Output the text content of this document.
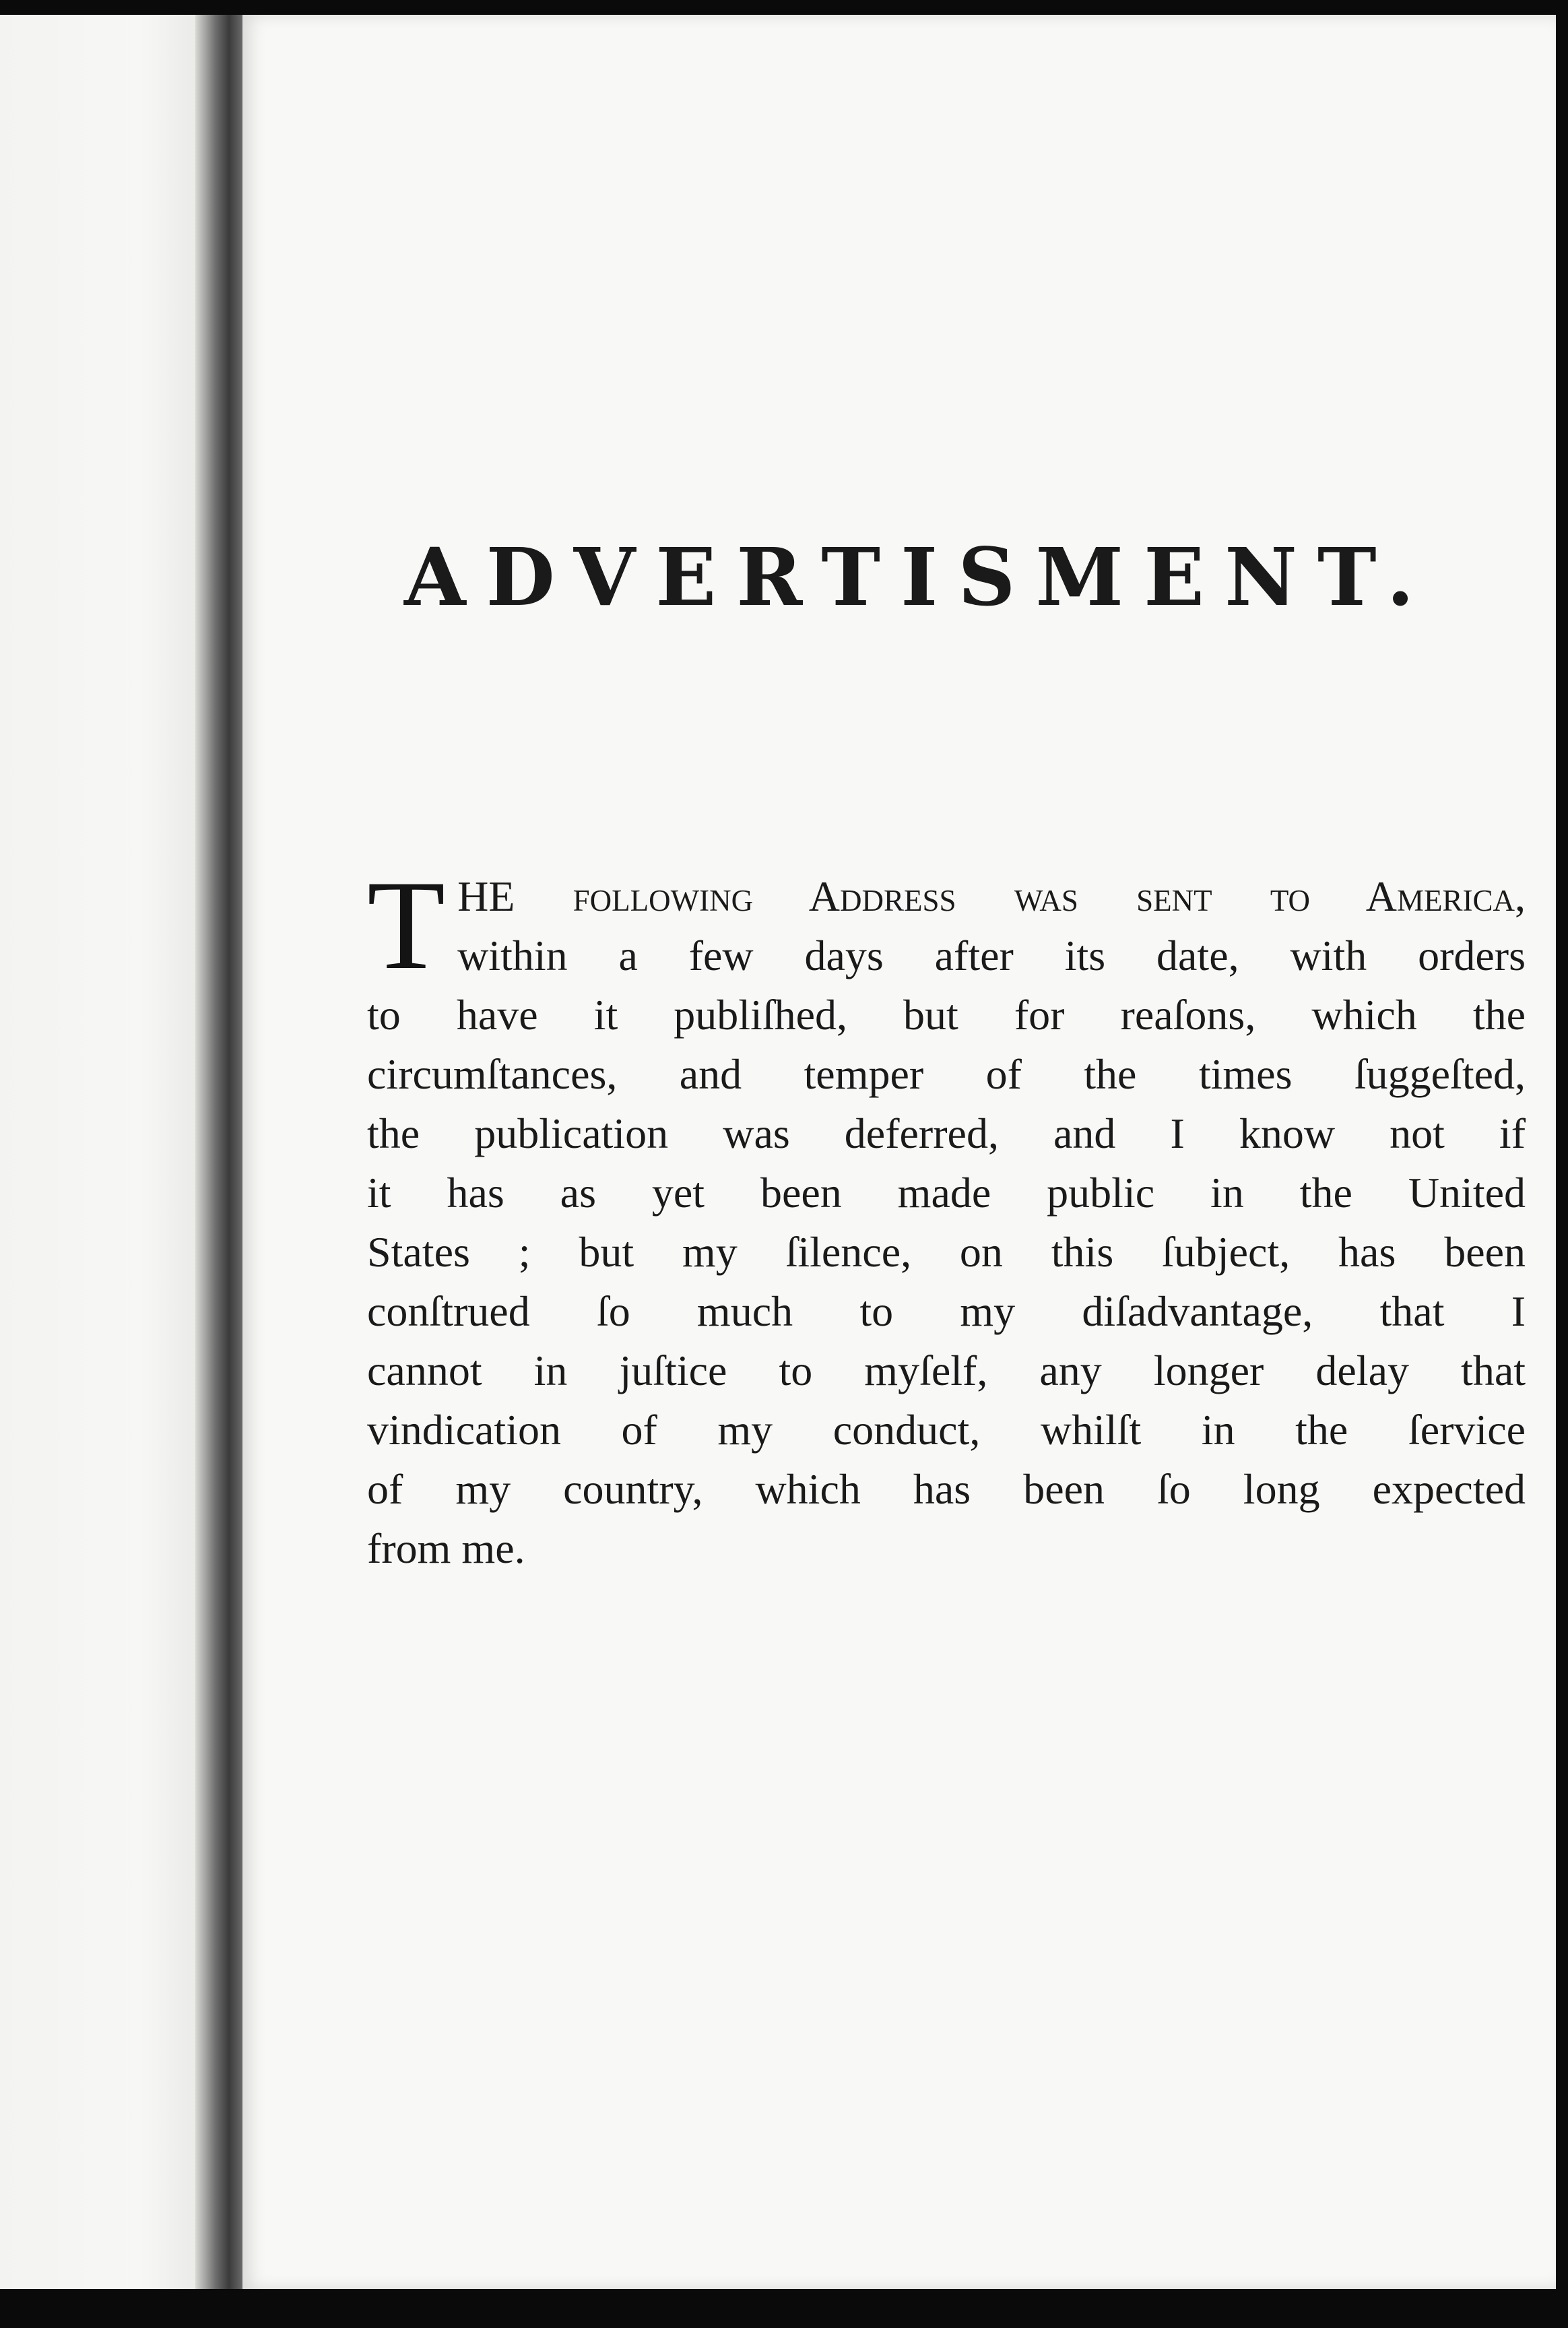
ADVERTISMENT.
T HE following Addreſs was ſent to America,
within a few days after its date, with orders
to have it publiſhed, but for reaſons, which the
circumſtances, and temper of the times ſuggeſted,
the publication was deferred, and I know not if
it has as yet been made public in the United
States ; but my ſilence, on this ſubject, has been
conſtrued ſo much to my diſadvantage, that I
cannot in juſtice to myſelf, any longer delay that
vindication of my conduct, whilſt in the ſervice
of my country, which has been ſo long expected
from me.
